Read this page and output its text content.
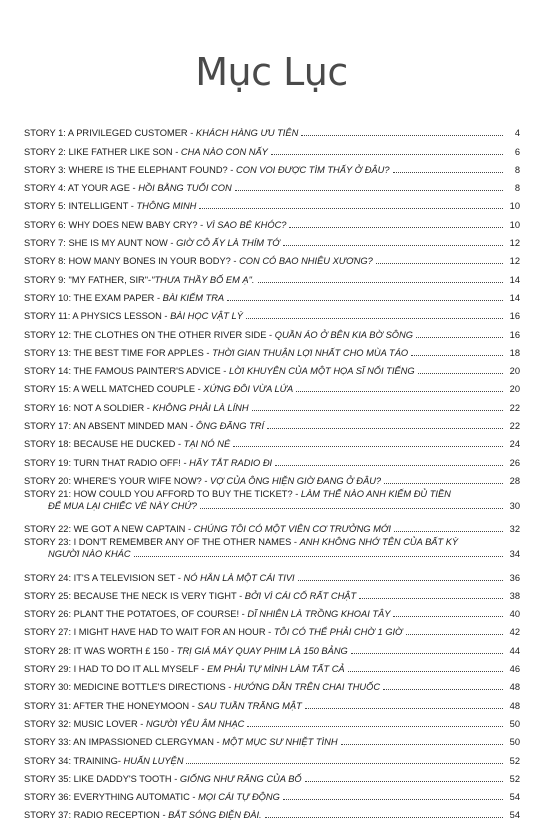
Mục Lục
STORY 1: A PRIVILEGED CUSTOMER - KHÁCH HÀNG ƯU TIÊN	4
STORY 2: LIKE FATHER LIKE SON - CHA NÀO CON NẤY	6
STORY 3: WHERE IS THE ELEPHANT FOUND? - CON VOI ĐƯỢC TÌM THẤY Ở ĐÂU?	8
STORY 4: AT YOUR AGE - HỒI BẰNG TUỔI CON	8
STORY 5: INTELLIGENT - THÔNG MINH	10
STORY 6: WHY DOES NEW BABY CRY? - VÌ SAO BÉ KHÓC?	10
STORY 7: SHE IS MY AUNT NOW - GIỜ CÔ ẤY LÀ THÍM TỚ	12
STORY 8: HOW MANY BONES IN YOUR BODY? - CON CÓ BAO NHIÊU XƯƠNG?	12
STORY 9: "MY FATHER, SIR"-"THƯA THẦY BỐ EM Ạ".	14
STORY 10: THE EXAM PAPER - BÀI KIỂM TRA	14
STORY 11: A PHYSICS LESSON - BÀI HỌC VẬT LÝ	16
STORY 12: THE CLOTHES ON THE OTHER RIVER SIDE - QUẦN ÁO Ở BÊN KIA BỜ SÔNG	16
STORY 13: THE BEST TIME FOR APPLES - THỜI GIAN THUẬN LỢI NHẤT CHO MÙA TÁO	18
STORY 14: THE FAMOUS PAINTER'S ADVICE - LỜI KHUYÊN CỦA MỘT HỌA SĨ NỔI TIẾNG	20
STORY 15: A WELL MATCHED COUPLE - XỨNG ĐÔI VỪA LỨA	20
STORY 16: NOT A SOLDIER - KHÔNG PHẢI LÀ LÍNH	22
STORY 17: AN ABSENT MINDED MAN - ÔNG ĐÃNG TRÍ	22
STORY 18: BECAUSE HE DUCKED - TẠI NÓ NÉ	24
STORY 19: TURN THAT RADIO OFF! - HÃY TẮT RADIO ĐI	26
STORY 20: WHERE'S YOUR WIFE NOW? - VỢ CỦA ÔNG HIỆN GIỜ ĐANG Ở ĐÂU?	28
STORY 21: HOW COULD YOU AFFORD TO BUY THE TICKET? - LÀM THẾ NÀO ANH KIẾM ĐỦ TIỀN
ĐỂ MUA LẠI CHIẾC VÉ NÀY CHỨ?	30
STORY 22: WE GOT A NEW CAPTAIN - CHÚNG TÔI CÓ MỘT VIÊN CƠ TRƯỞNG MỚI	32
STORY 23: I DON'T REMEMBER ANY OF THE OTHER NAMES - ANH KHÔNG NHỚ TÊN CỦA BẤT KỲ
NGƯỜI NÀO KHÁC	34
STORY 24: IT'S A TELEVISION SET - NÓ HẲN LÀ MỘT CÁI TIVI	36
STORY 25: BECAUSE THE NECK IS VERY TIGHT - BỞI VÌ CÁI CỔ RẤT CHẬT	38
STORY 26: PLANT THE POTATOES, OF COURSE! - DĨ NHIÊN LÀ TRỒNG KHOAI TÂY	40
STORY 27: I MIGHT HAVE HAD TO WAIT FOR AN HOUR - TÔI CÓ THỂ PHẢI CHỜ 1 GIỜ	42
STORY 28: IT WAS WORTH £ 150 - TRỊ GIÁ MÁY QUAY PHIM LÀ 150 BẢNG	44
STORY 29: I HAD TO DO IT ALL MYSELF - EM PHẢI TỰ MÌNH LÀM TẤT CẢ	46
STORY 30: MEDICINE BOTTLE'S DIRECTIONS - HƯỚNG DẪN TRÊN CHAI THUỐC	48
STORY 31: AFTER THE HONEYMOON - SAU TUẦN TRĂNG MẬT	48
STORY 32: MUSIC LOVER - NGƯỜI YÊU ÂM NHẠC	50
STORY 33: AN IMPASSIONED CLERGYMAN - MỘT MỤC SƯ NHIỆT TÌNH	50
STORY 34: TRAINING- HUẤN LUYỆN	52
STORY 35: LIKE DADDY'S TOOTH - GIỐNG NHƯ RĂNG CỦA BỐ	52
STORY 36: EVERYTHING AUTOMATIC - MỌI CÁI TỰ ĐỘNG	54
STORY 37: RADIO RECEPTION - BẮT SÓNG ĐIỆN ĐÀI.	54
